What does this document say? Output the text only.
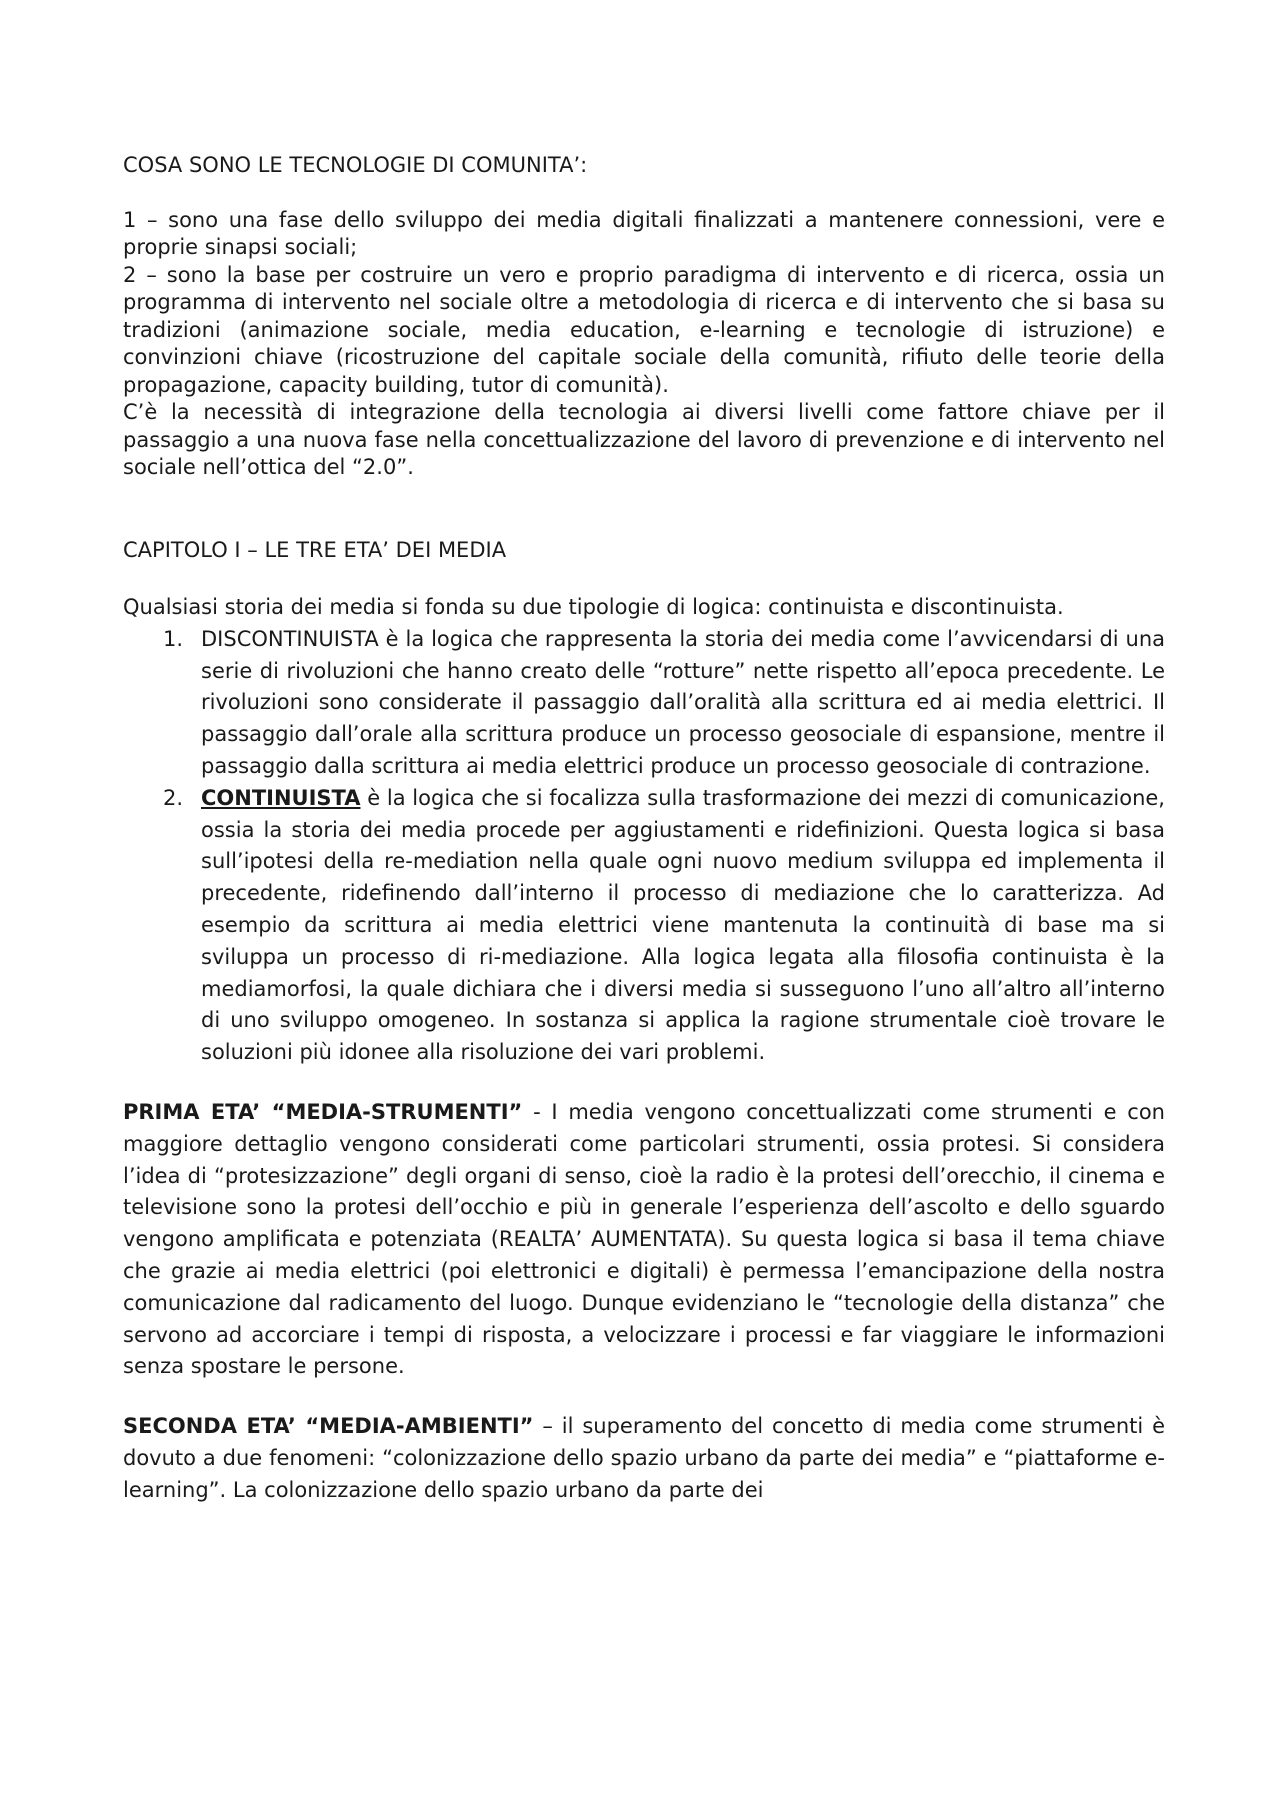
COSA SONO LE TECNOLOGIE DI COMUNITA’:

1 – sono una fase dello sviluppo dei media digitali finalizzati a mantenere connessioni, vere e proprie sinapsi sociali;

2 – sono la base per costruire un vero e proprio paradigma di intervento e di ricerca, ossia un programma di intervento nel sociale oltre a metodologia di ricerca e di intervento che si basa su tradizioni (animazione sociale, media education, e-learning e tecnologie di istruzione) e convinzioni chiave (ricostruzione del capitale sociale della comunità, rifiuto delle teorie della propagazione, capacity building, tutor di comunità).

C’è la necessità di integrazione della tecnologia ai diversi livelli come fattore chiave per il passaggio a una nuova fase nella concettualizzazione del lavoro di prevenzione e di intervento nel sociale nell’ottica del “2.0”.

CAPITOLO I – LE TRE ETA’ DEI MEDIA

Qualsiasi storia dei media si fonda su due tipologie di logica: continuista e discontinuista.

1. DISCONTINUISTA è la logica che rappresenta la storia dei media come l’avvicendarsi di una serie di rivoluzioni che hanno creato delle “rotture” nette rispetto all’epoca precedente. Le rivoluzioni sono considerate il passaggio dall’oralità alla scrittura ed ai media elettrici. Il passaggio dall’orale alla scrittura produce un processo geosociale di espansione, mentre il passaggio dalla scrittura ai media elettrici produce un processo geosociale di contrazione.
2. CONTINUISTA è la logica che si focalizza sulla trasformazione dei mezzi di comunicazione, ossia la storia dei media procede per aggiustamenti e ridefinizioni. Questa logica si basa sull’ipotesi della re-mediation nella quale ogni nuovo medium sviluppa ed implementa il precedente, ridefinendo dall’interno il processo di mediazione che lo caratterizza. Ad esempio da scrittura ai media elettrici viene mantenuta la continuità di base ma si sviluppa un processo di ri-mediazione. Alla logica legata alla filosofia continuista è la mediamorfosi, la quale dichiara che i diversi media si susseguono l’uno all’altro all’interno di uno sviluppo omogeneo. In sostanza si applica la ragione strumentale cioè trovare le soluzioni più idonee alla risoluzione dei vari problemi.

PRIMA ETA’ “MEDIA-STRUMENTI” - I media vengono concettualizzati come strumenti e con maggiore dettaglio vengono considerati come particolari strumenti, ossia protesi. Si considera l’idea di “protesizzazione” degli organi di senso, cioè la radio è la protesi dell’orecchio, il cinema e televisione sono la protesi dell’occhio e più in generale l’esperienza dell’ascolto e dello sguardo vengono amplificata e potenziata (REALTA’ AUMENTATA). Su questa logica si basa il tema chiave che grazie ai media elettrici (poi elettronici e digitali) è permessa l’emancipazione della nostra comunicazione dal radicamento del luogo. Dunque evidenziano le “tecnologie della distanza” che servono ad accorciare i tempi di risposta, a velocizzare i processi e far viaggiare le informazioni senza spostare le persone.

SECONDA ETA’ “MEDIA-AMBIENTI” – il superamento del concetto di media come strumenti è dovuto a due fenomeni: “colonizzazione dello spazio urbano da parte dei media” e “piattaforme e-learning”. La colonizzazione dello spazio urbano da parte dei
